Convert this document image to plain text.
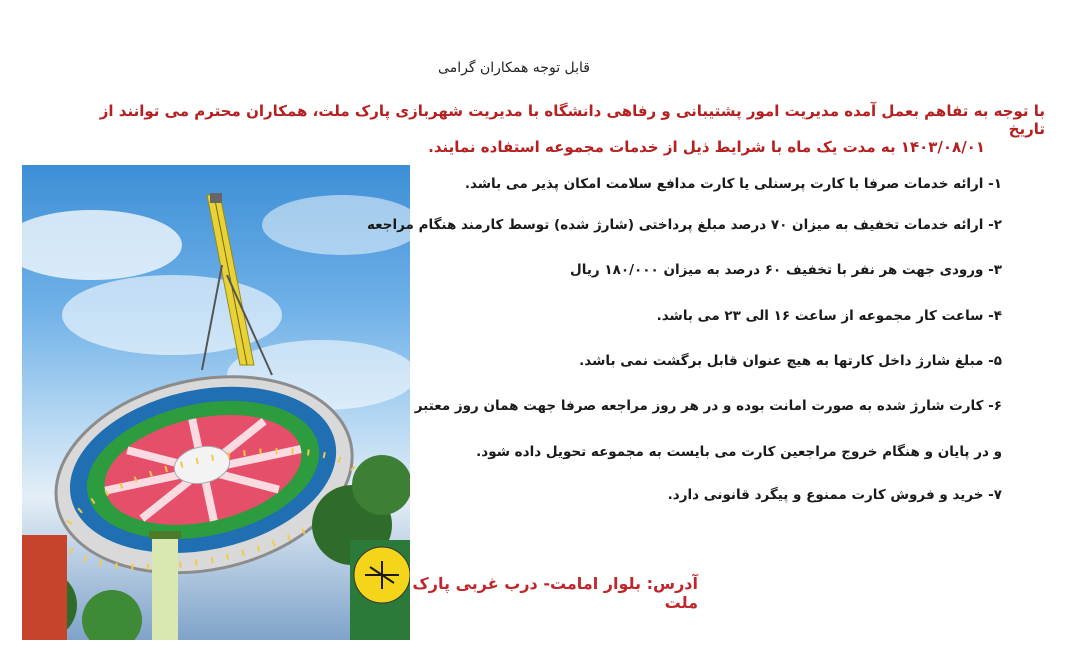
قابل توجه همکاران گرامی
با توجه به تفاهم بعمل آمده مدیریت امور پشتیبانی و رفاهی دانشگاه با مدیریت شهربازی پارک ملت، همکاران محترم می توانند از تاریخ
۱۴۰۳/۰۸/۰۱ به مدت یک ماه با شرایط ذیل از خدمات مجموعه استفاده نمایند.
۱- ارائه خدمات صرفا با کارت پرسنلی یا کارت مدافع سلامت امکان پذیر می باشد.
۲- ارائه خدمات تخفیف به میزان ۷۰ درصد مبلغ پرداختی (شارژ شده) توسط کارمند هنگام مراجعه
۳- ورودی جهت هر نفر با تخفیف ۶۰ درصد به میزان ۱۸۰/۰۰۰ ریال
۴- ساعت کار مجموعه از ساعت ۱۶ الی ۲۳ می باشد.
۵- مبلغ شارژ داخل کارتها به هیچ عنوان قابل برگشت نمی باشد.
۶- کارت شارژ شده به صورت امانت بوده و در هر روز مراجعه صرفا جهت همان روز معتبر
و در پایان و هنگام خروج مراجعین کارت می بایست به مجموعه تحویل داده شود.
۷- خرید و فروش کارت ممنوع و پیگرد قانونی دارد.
آدرس: بلوار امامت- درب غربی پارک ملت
